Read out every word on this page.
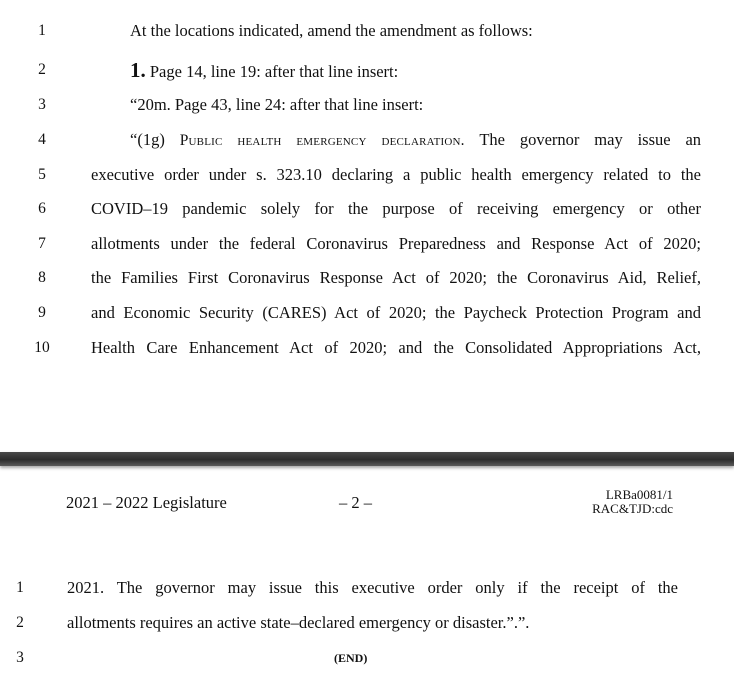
1	At the locations indicated, amend the amendment as follows:
2	1. Page 14, line 19: after that line insert:
3	“20m. Page 43, line 24: after that line insert:
4	“(1g) Public health emergency declaration. The governor may issue an
5	executive order under s. 323.10 declaring a public health emergency related to the
6	COVID–19 pandemic solely for the purpose of receiving emergency or other
7	allotments under the federal Coronavirus Preparedness and Response Act of 2020;
8	the Families First Coronavirus Response Act of 2020; the Coronavirus Aid, Relief,
9	and Economic Security (CARES) Act of 2020; the Paycheck Protection Program and
10	Health Care Enhancement Act of 2020; and the Consolidated Appropriations Act,
2021 – 2022 Legislature	– 2 –	LRBa0081/1
RAC&TJD:cdc
1	2021. The governor may issue this executive order only if the receipt of the
2	allotments requires an active state–declared emergency or disaster.”.”.
3	(END)
